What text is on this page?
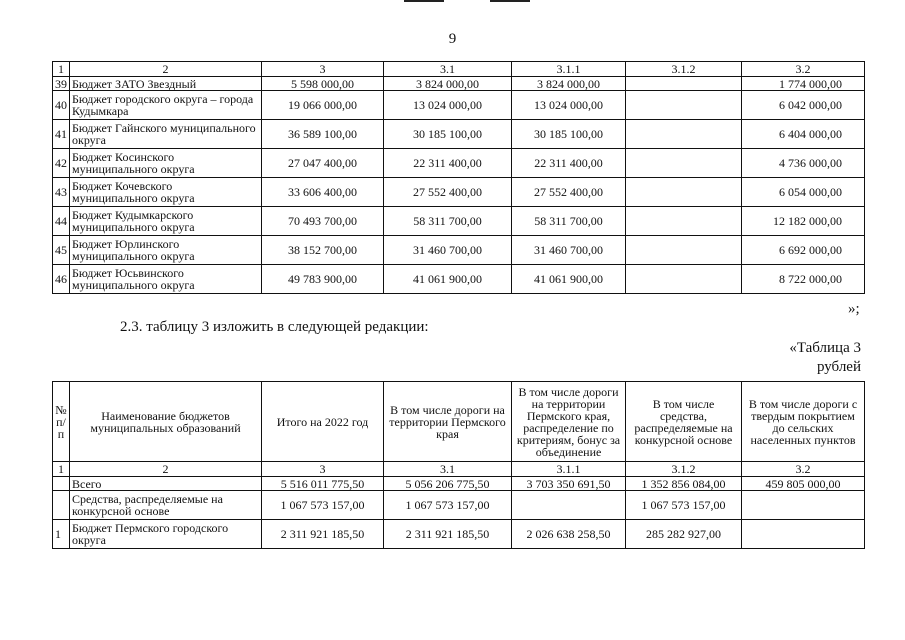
9
1	2	3	3.1	3.1.1	3.1.2	3.2
39	Бюджет ЗАТО Звездный	5 598 000,00	3 824 000,00	3 824 000,00		1 774 000,00
40	Бюджет городского округа – города Кудымкара	19 066 000,00	13 024 000,00	13 024 000,00		6 042 000,00
41	Бюджет Гайнского муниципального округа	36 589 100,00	30 185 100,00	30 185 100,00		6 404 000,00
42	Бюджет Косинского муниципального округа	27 047 400,00	22 311 400,00	22 311 400,00		4 736 000,00
43	Бюджет Кочевского муниципального округа	33 606 400,00	27 552 400,00	27 552 400,00		6 054 000,00
44	Бюджет Кудымкарского муниципального округа	70 493 700,00	58 311 700,00	58 311 700,00		12 182 000,00
45	Бюджет Юрлинского муниципального округа	38 152 700,00	31 460 700,00	31 460 700,00		6 692 000,00
46	Бюджет Юсьвинского муниципального округа	49 783 900,00	41 061 900,00	41 061 900,00		8 722 000,00
»;
2.3. таблицу 3 изложить в следующей редакции:
«Таблица 3
рублей
№ п/п	Наименование бюджетов муниципальных образований	Итого на 2022 год	В том числе дороги на территории Пермского края	В том числе дороги на территории Пермского края, распределение по критериям, бонус за объединение	В том числе средства, распределяемые на конкурсной основе	В том числе дороги с твердым покрытием до сельских населенных пунктов
1	2	3	3.1	3.1.1	3.1.2	3.2
	Всего	5 516 011 775,50	5 056 206 775,50	3 703 350 691,50	1 352 856 084,00	459 805 000,00
	Средства, распределяемые на конкурсной основе	1 067 573 157,00	1 067 573 157,00		1 067 573 157,00	
1	Бюджет Пермского городского округа	2 311 921 185,50	2 311 921 185,50	2 026 638 258,50	285 282 927,00	
